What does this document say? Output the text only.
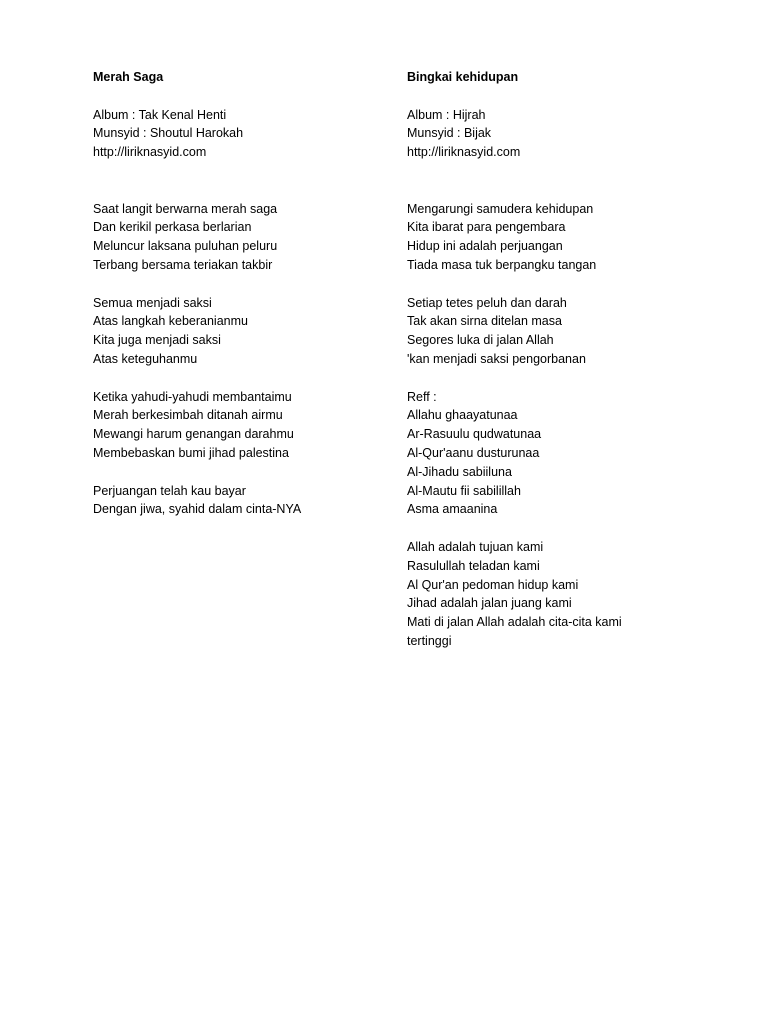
Merah Saga
Album : Tak Kenal Henti
Munsyid : Shoutul Harokah
http://liriknasyid.com
Saat langit berwarna merah saga
Dan kerikil perkasa berlarian
Meluncur laksana puluhan peluru
Terbang bersama teriakan takbir
Semua menjadi saksi
Atas langkah keberanianmu
Kita juga menjadi saksi
Atas keteguhanmu
Ketika yahudi-yahudi membantaimu
Merah berkesimbah ditanah airmu
Mewangi harum genangan darahmu
Membebaskan bumi jihad palestina
Perjuangan telah kau bayar
Dengan jiwa, syahid dalam cinta-NYA
Bingkai kehidupan
Album : Hijrah
Munsyid : Bijak
http://liriknasyid.com
Mengarungi samudera kehidupan
Kita ibarat para pengembara
Hidup ini adalah perjuangan
Tiada masa tuk berpangku tangan
Setiap tetes peluh dan darah
Tak akan sirna ditelan masa
Segores luka di jalan Allah
'kan menjadi saksi pengorbanan
Reff :
Allahu ghaayatunaa
Ar-Rasuulu qudwatunaa
Al-Qur'aanu dusturunaa
Al-Jihadu sabiiluna
Al-Mautu fii sabilillah
Asma amaanina
Allah adalah tujuan kami
Rasulullah teladan kami
Al Qur'an pedoman hidup kami
Jihad adalah jalan juang kami
Mati di jalan Allah adalah cita-cita kami
tertinggi
